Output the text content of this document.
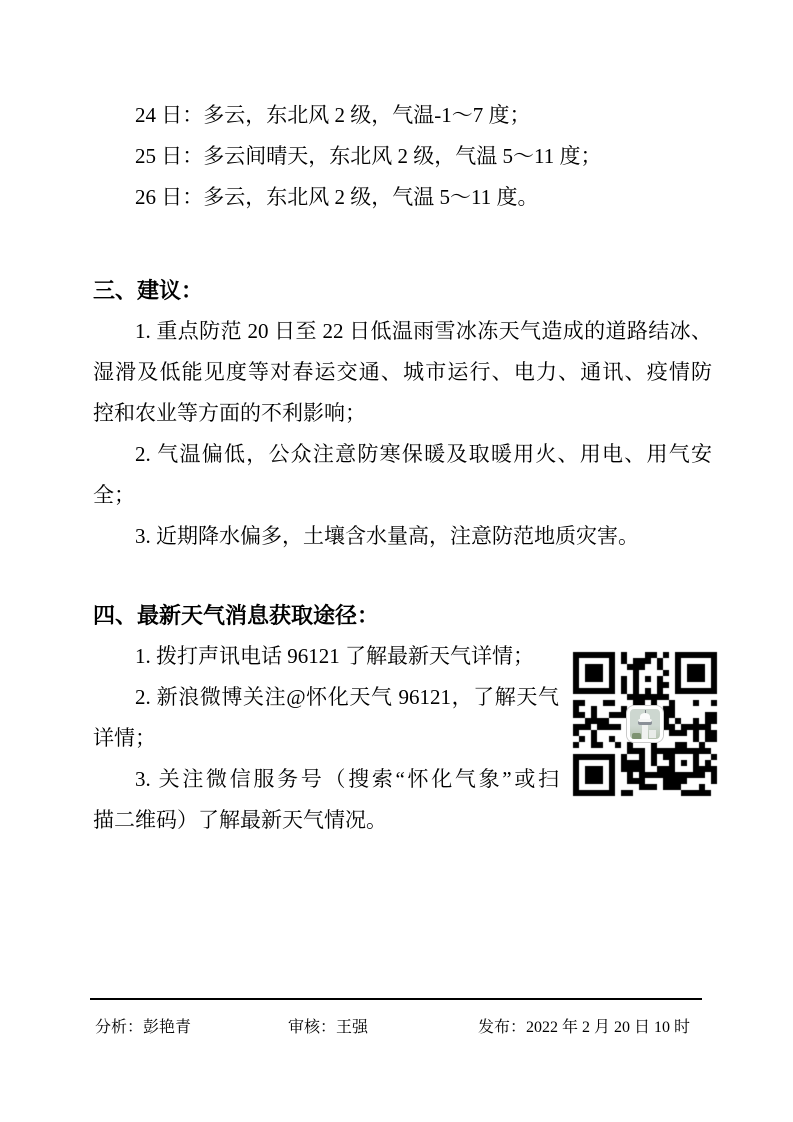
24 日：多云，东北风 2 级，气温-1～7 度；

25 日：多云间晴天，东北风 2 级，气温 5～11 度；

26 日：多云，东北风 2 级，气温 5～11 度。

三、建议：

1. 重点防范 20 日至 22 日低温雨雪冰冻天气造成的道路结冰、

湿滑及低能见度等对春运交通、城市运行、电力、通讯、疫情防

控和农业等方面的不利影响；

2. 气温偏低，公众注意防寒保暖及取暖用火、用电、用气安

全；

3. 近期降水偏多，土壤含水量高，注意防范地质灾害。

四、最新天气消息获取途径：

1. 拨打声讯电话 96121 了解最新天气详情；

2. 新浪微博关注@怀化天气 96121，了解天气

详情；

3. 关注微信服务号（搜索“怀化气象”或扫

描二维码）了解最新天气情况。

分析：彭艳青	审核：王强	发布：2022 年 2 月 20 日 10 时
